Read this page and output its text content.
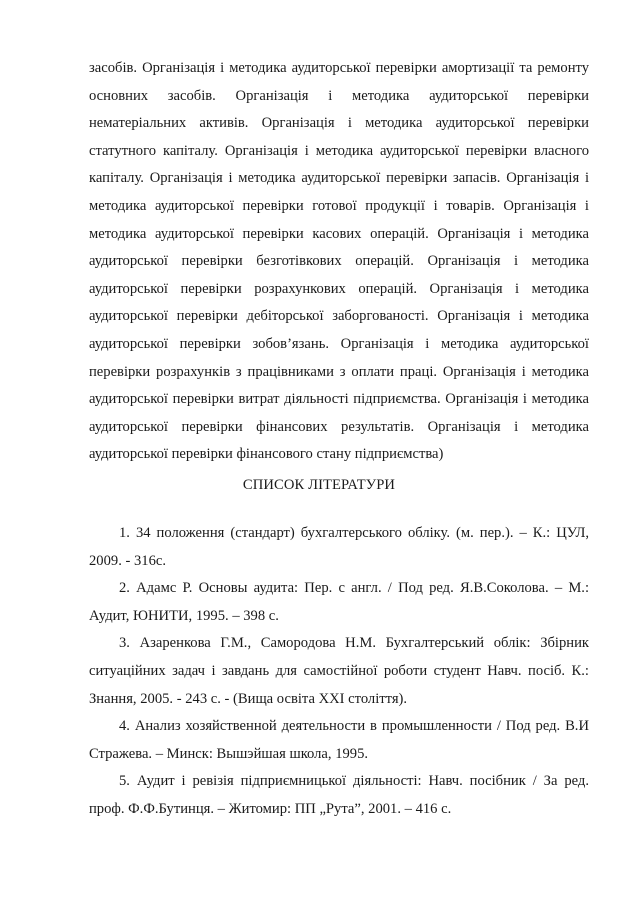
засобів. Організація і методика аудиторської перевірки амортизації та ремонту основних засобів. Організація і методика аудиторської перевірки нематеріальних активів. Організація і методика аудиторської перевірки статутного капіталу. Організація і методика аудиторської перевірки власного капіталу. Організація і методика аудиторської перевірки запасів. Організація і методика аудиторської перевірки готової продукції і товарів. Організація і методика аудиторської перевірки касових операцій. Організація і методика аудиторської перевірки безготівкових операцій. Організація і методика аудиторської перевірки розрахункових операцій. Організація і методика аудиторської перевірки дебіторської заборгованості. Організація і методика аудиторської перевірки зобов’язань. Організація і методика аудиторської перевірки розрахунків з працівниками з оплати праці. Організація і методика аудиторської перевірки витрат діяльності підприємства. Організація і методика аудиторської перевірки фінансових результатів. Організація і методика аудиторської перевірки фінансового стану підприємства)

СПИСОК ЛІТЕРАТУРИ

1. 34 положення (стандарт) бухгалтерського обліку. (м. пер.). – К.: ЦУЛ, 2009. - 316с.

2. Адамс Р. Основы аудита: Пер. с англ. / Под ред. Я.В.Соколова. – М.: Аудит, ЮНИТИ, 1995. – 398 с.

3. Азаренкова Г.М., Самородова Н.М. Бухгалтерський облік: Збірник ситуаційних задач і завдань для самостійної роботи студент Навч. посіб. К.: Знання, 2005. - 243 с. - (Вища освіта XXI століття).

4. Анализ хозяйственной деятельности в промышленности / Под ред. В.И Стражева. – Минск: Вышэйшая школа, 1995.

5. Аудит і ревізія підприємницької діяльності: Навч. посібник / За ред. проф. Ф.Ф.Бутинця. – Житомир: ПП „Рута”, 2001. – 416 с.
